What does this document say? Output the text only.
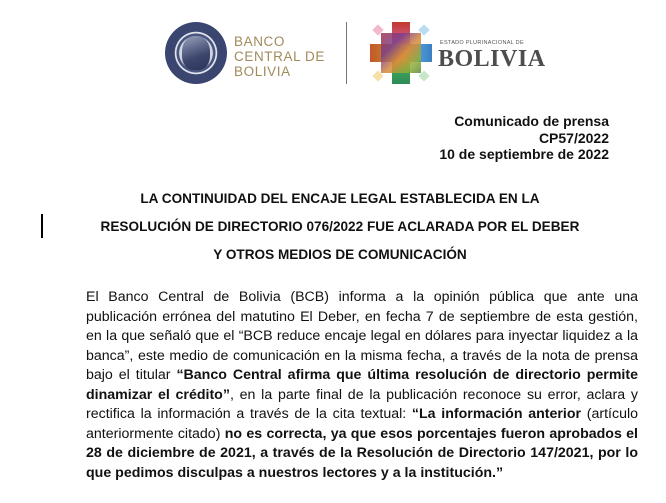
BANCO
CENTRAL DE
BOLIVIA
ESTADO PLURINACIONAL DE
BOLIVIA
Comunicado de prensa
CP57/2022
10 de septiembre de 2022
LA CONTINUIDAD DEL ENCAJE LEGAL ESTABLECIDA EN LA
RESOLUCIÓN DE DIRECTORIO 076/2022 FUE ACLARADA POR EL DEBER
Y OTROS MEDIOS DE COMUNICACIÓN
El Banco Central de Bolivia (BCB) informa a la opinión pública que ante una publicación errónea del matutino El Deber, en fecha 7 de septiembre de esta gestión, en la que señaló que el “BCB reduce encaje legal en dólares para inyectar liquidez a la banca”, este medio de comunicación en la misma fecha, a través de la nota de prensa bajo el titular “Banco Central afirma que última resolución de directorio permite dinamizar el crédito”, en la parte final de la publicación reconoce su error, aclara y rectifica la información a través de la cita textual: “La información anterior (artículo anteriormente citado) no es correcta, ya que esos porcentajes fueron aprobados el 28 de diciembre de 2021, a través de la Resolución de Directorio 147/2021, por lo que pedimos disculpas a nuestros lectores y a la institución.”
